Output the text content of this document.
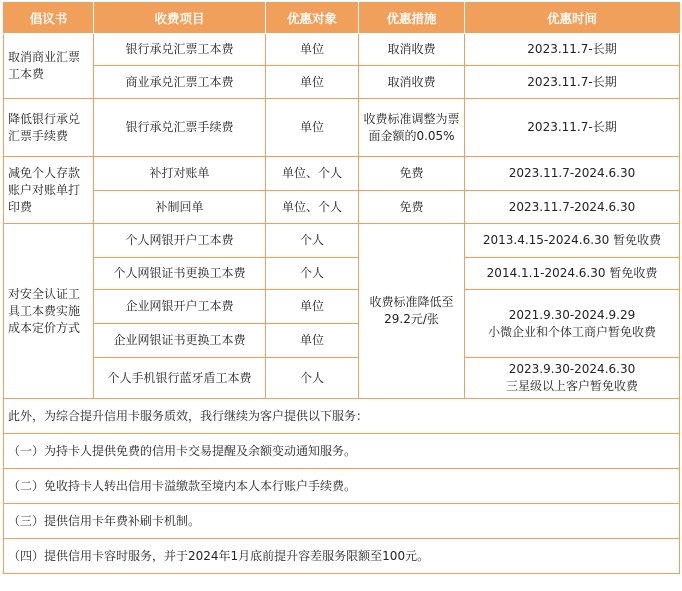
倡议书	收费项目	优惠对象	优惠措施	优惠时间
取消商业汇票工本费	银行承兑汇票工本费	单位	取消收费	2023.11.7-长期
	商业承兑汇票工本费	单位	取消收费	2023.11.7-长期
降低银行承兑汇票手续费	银行承兑汇票手续费	单位	收费标准调整为票面金额的0.05%	2023.11.7-长期
减免个人存款账户对账单打印费	补打对账单	单位、个人	免费	2023.11.7-2024.6.30
	补制回单	单位、个人	免费	2023.11.7-2024.6.30
对安全认证工具工本费实施成本定价方式	个人网银开户工本费	个人	收费标准降低至29.2元/张	2013.4.15-2024.6.30 暂免收费
	个人网银证书更换工本费	个人		2014.1.1-2024.6.30 暂免收费
	企业网银开户工本费	单位		2021.9.30-2024.9.29
小微企业和个体工商户暂免收费

	企业网银证书更换工本费	单位		
	个人手机银行蓝牙盾工本费	个人		2023.9.30-2024.6.30
三星级以上客户暂免收费

此外，为综合提升信用卡服务质效，我行继续为客户提供以下服务：				
（一）为持卡人提供免费的信用卡交易提醒及余额变动通知服务。				
（二）免收持卡人转出信用卡溢缴款至境内本人本行账户手续费。				
（三）提供信用卡年费补刷卡机制。				
（四）提供信用卡容时服务，并于2024年1月底前提升容差服务限额至100元。				
